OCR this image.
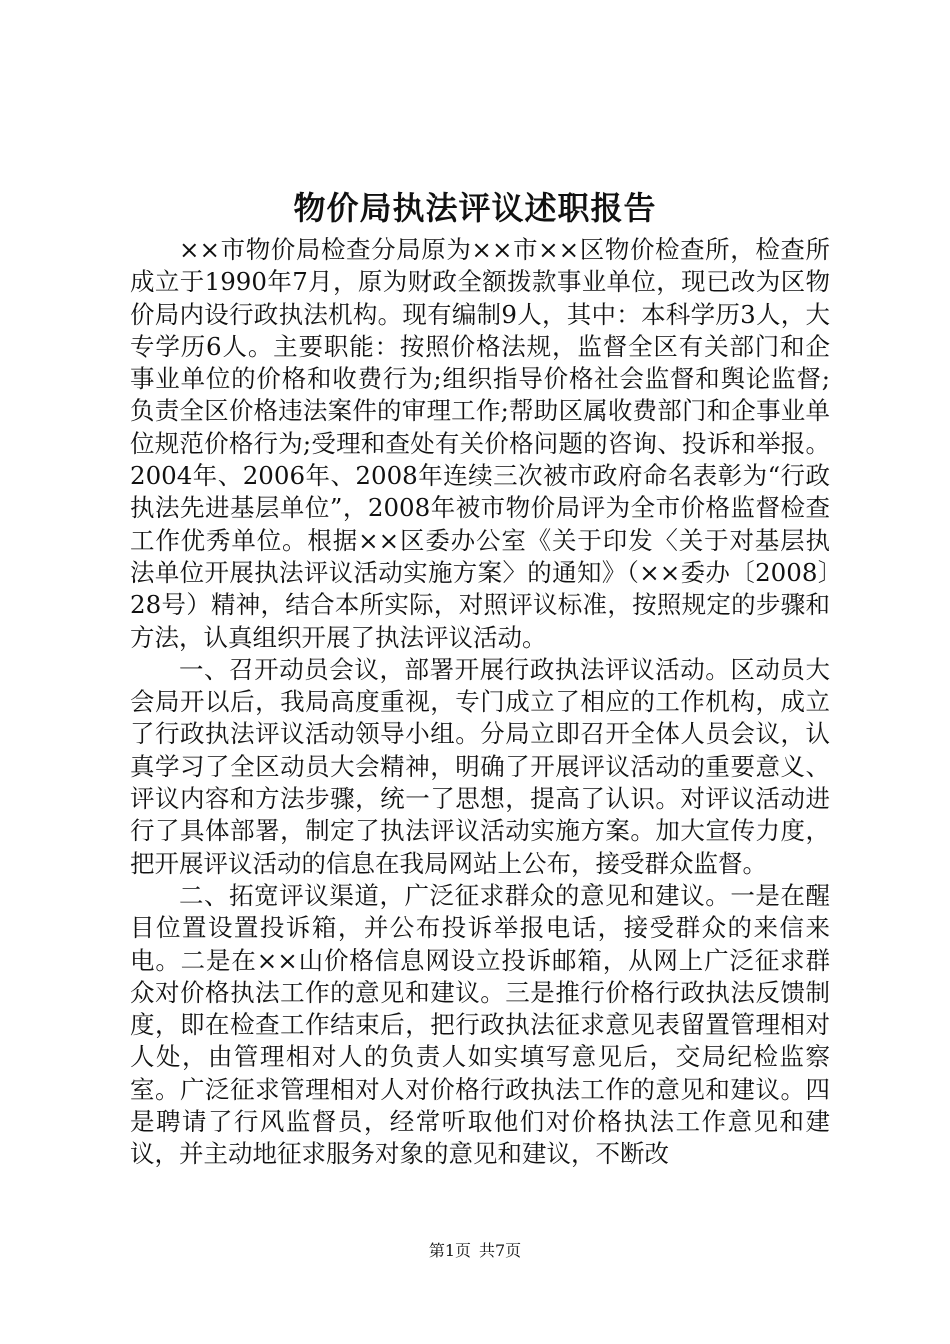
物价局执法评议述职报告

××市物价局检查分局原为××市××区物价检查所，检查所成立于1990年7月，原为财政全额拨款事业单位，现已改为区物价局内设行政执法机构。现有编制9人，其中：本科学历3人，大专学历6人。主要职能：按照价格法规，监督全区有关部门和企事业单位的价格和收费行为;组织指导价格社会监督和舆论监督;负责全区价格违法案件的审理工作;帮助区属收费部门和企事业单位规范价格行为;受理和查处有关价格问题的咨询、投诉和举报。2004年、2006年、2008年连续三次被市政府命名表彰为“行政执法先进基层单位”，2008年被市物价局评为全市价格监督检查工作优秀单位。根据××区委办公室《关于印发〈关于对基层执法单位开展执法评议活动实施方案〉的通知》（××委办〔2008〕28号）精神，结合本所实际，对照评议标准，按照规定的步骤和方法，认真组织开展了执法评议活动。

一、召开动员会议，部署开展行政执法评议活动。区动员大会局开以后，我局高度重视，专门成立了相应的工作机构，成立了行政执法评议活动领导小组。分局立即召开全体人员会议，认真学习了全区动员大会精神，明确了开展评议活动的重要意义、评议内容和方法步骤，统一了思想，提高了认识。对评议活动进行了具体部署，制定了执法评议活动实施方案。加大宣传力度，把开展评议活动的信息在我局网站上公布，接受群众监督。

二、拓宽评议渠道，广泛征求群众的意见和建议。一是在醒目位置设置投诉箱，并公布投诉举报电话，接受群众的来信来电。二是在××山价格信息网设立投诉邮箱，从网上广泛征求群众对价格执法工作的意见和建议。三是推行价格行政执法反馈制度，即在检查工作结束后，把行政执法征求意见表留置管理相对人处，由管理相对人的负责人如实填写意见后，交局纪检监察室。广泛征求管理相对人对价格行政执法工作的意见和建议。四是聘请了行风监督员，经常听取他们对价格执法工作意见和建议，并主动地征求服务对象的意见和建议，不断改

第1页 共7页
